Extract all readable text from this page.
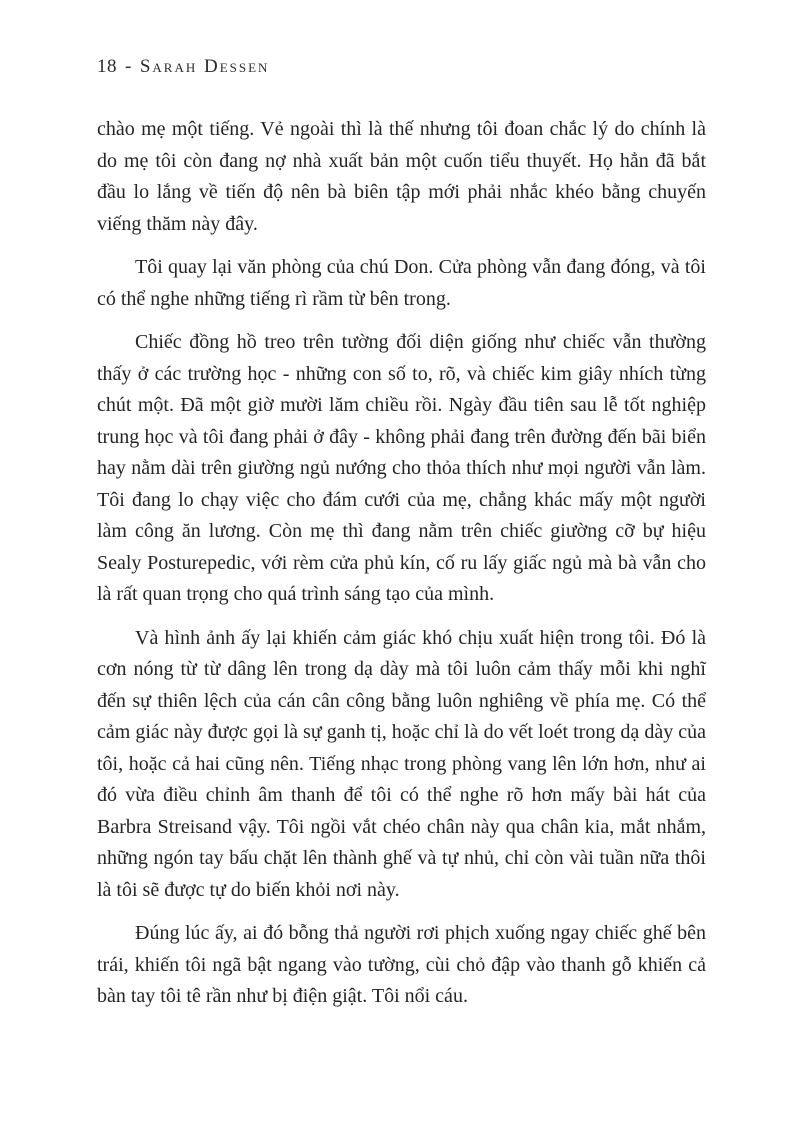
18 - Sarah Dessen

chào mẹ một tiếng. Vẻ ngoài thì là thế nhưng tôi đoan chắc lý do chính là do mẹ tôi còn đang nợ nhà xuất bản một cuốn tiểu thuyết. Họ hẳn đã bắt đầu lo lắng về tiến độ nên bà biên tập mới phải nhắc khéo bằng chuyến viếng thăm này đây.

Tôi quay lại văn phòng của chú Don. Cửa phòng vẫn đang đóng, và tôi có thể nghe những tiếng rì rầm từ bên trong.

Chiếc đồng hồ treo trên tường đối diện giống như chiếc vẫn thường thấy ở các trường học - những con số to, rõ, và chiếc kim giây nhích từng chút một. Đã một giờ mười lăm chiều rồi. Ngày đầu tiên sau lễ tốt nghiệp trung học và tôi đang phải ở đây - không phải đang trên đường đến bãi biển hay nằm dài trên giường ngủ nướng cho thỏa thích như mọi người vẫn làm. Tôi đang lo chạy việc cho đám cưới của mẹ, chẳng khác mấy một người làm công ăn lương. Còn mẹ thì đang nằm trên chiếc giường cỡ bự hiệu Sealy Posturepedic, với rèm cửa phủ kín, cố ru lấy giấc ngủ mà bà vẫn cho là rất quan trọng cho quá trình sáng tạo của mình.

Và hình ảnh ấy lại khiến cảm giác khó chịu xuất hiện trong tôi. Đó là cơn nóng từ từ dâng lên trong dạ dày mà tôi luôn cảm thấy mỗi khi nghĩ đến sự thiên lệch của cán cân công bằng luôn nghiêng về phía mẹ. Có thể cảm giác này được gọi là sự ganh tị, hoặc chỉ là do vết loét trong dạ dày của tôi, hoặc cả hai cũng nên. Tiếng nhạc trong phòng vang lên lớn hơn, như ai đó vừa điều chỉnh âm thanh để tôi có thể nghe rõ hơn mấy bài hát của Barbra Streisand vậy. Tôi ngồi vắt chéo chân này qua chân kia, mắt nhắm, những ngón tay bấu chặt lên thành ghế và tự nhủ, chỉ còn vài tuần nữa thôi là tôi sẽ được tự do biến khỏi nơi này.

Đúng lúc ấy, ai đó bỗng thả người rơi phịch xuống ngay chiếc ghế bên trái, khiến tôi ngã bật ngang vào tường, cùi chỏ đập vào thanh gỗ khiến cả bàn tay tôi tê rần như bị điện giật. Tôi nổi cáu.
